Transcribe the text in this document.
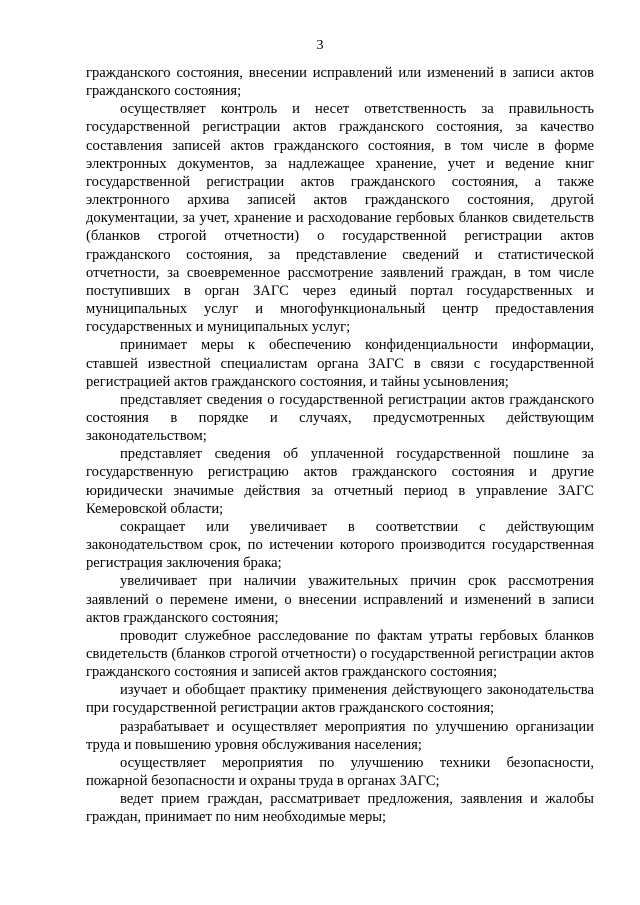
3

гражданского состояния, внесении исправлений или изменений в записи актов гражданского состояния;

осуществляет контроль и несет ответственность за правильность государственной регистрации актов гражданского состояния, за качество составления записей актов гражданского состояния, в том числе в форме электронных документов, за надлежащее хранение, учет и ведение книг государственной регистрации актов гражданского состояния, а также электронного архива записей актов гражданского состояния, другой документации, за учет, хранение и расходование гербовых бланков свидетельств (бланков строгой отчетности) о государственной регистрации актов гражданского состояния, за представление сведений и статистической отчетности, за своевременное рассмотрение заявлений граждан, в том числе поступивших в орган ЗАГС через единый портал государственных и муниципальных услуг и многофункциональный центр предоставления государственных и муниципальных услуг;

принимает меры к обеспечению конфиденциальности информации, ставшей известной специалистам органа ЗАГС в связи с государственной регистрацией актов гражданского состояния, и тайны усыновления;

представляет сведения о государственной регистрации актов гражданского состояния в порядке и случаях, предусмотренных действующим законодательством;

представляет сведения об уплаченной государственной пошлине за государственную регистрацию актов гражданского состояния и другие юридически значимые действия за отчетный период в управление ЗАГС Кемеровской области;

сокращает или увеличивает в соответствии с действующим законодательством срок, по истечении которого производится государственная регистрация заключения брака;

увеличивает при наличии уважительных причин срок рассмотрения заявлений о перемене имени, о внесении исправлений и изменений в записи актов гражданского состояния;

проводит служебное расследование по фактам утраты гербовых бланков свидетельств (бланков строгой отчетности) о государственной регистрации актов гражданского состояния и записей актов гражданского состояния;

изучает и обобщает практику применения действующего законодательства при государственной регистрации актов гражданского состояния;

разрабатывает и осуществляет мероприятия по улучшению организации труда и повышению уровня обслуживания населения;

осуществляет мероприятия по улучшению техники безопасности, пожарной безопасности и охраны труда в органах ЗАГС;

ведет прием граждан, рассматривает предложения, заявления и жалобы граждан, принимает по ним необходимые меры;
